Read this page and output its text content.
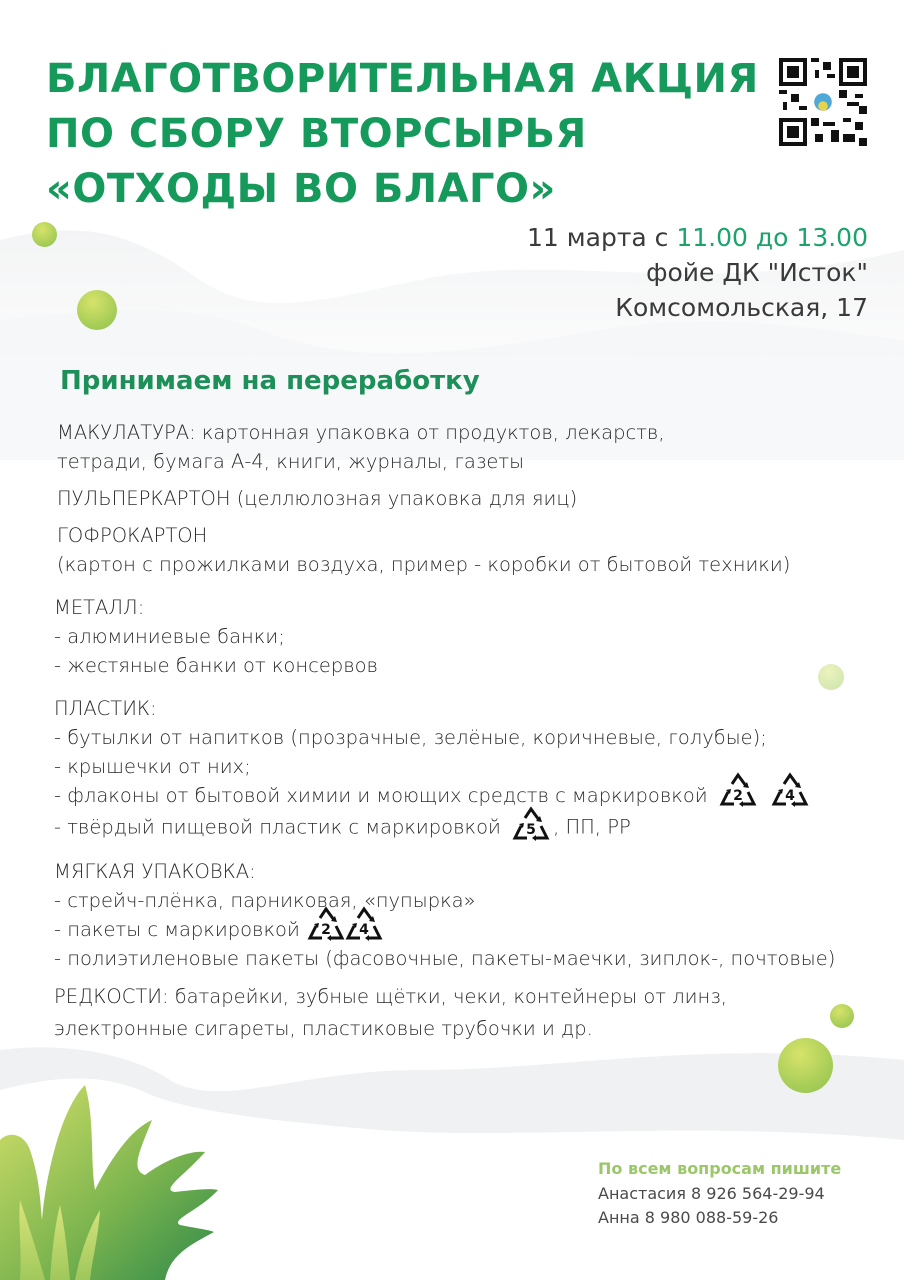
БЛАГОТВОРИТЕЛЬНАЯ АКЦИЯ
ПО СБОРУ ВТОРСЫРЬЯ
«ОТХОДЫ ВО БЛАГО»
11 марта с 11.00 до 13.00
фойе ДК "Исток"
Комсомольская, 17
Принимаем на переработку
МАКУЛАТУРА: картонная упаковка от продуктов, лекарств,
тетради, бумага А-4, книги, журналы, газеты
ПУЛЬПЕРКАРТОН (целлюлозная упаковка для яиц)
ГОФРОКАРТОН
(картон с прожилками воздуха, пример - коробки от бытовой техники)
МЕТАЛЛ:
- алюминиевые банки;
- жестяные банки от консервов
ПЛАСТИК:
- бутылки от напитков (прозрачные, зелёные, коричневые, голубые);
- крышечки от них;
- флаконы от бытовой химии и моющих средств с маркировкой 2
	4
- твёрдый пищевой пластик с маркировкой 5 , ПП, РР
МЯГКАЯ УПАКОВКА:
- стрейч-плёнка, парниковая, «пупырка»
- пакеты с маркировкой 2 4
- полиэтиленовые пакеты (фасовочные, пакеты-маечки, зиплок-, почтовые)
РЕДКОСТИ: батарейки, зубные щётки, чеки, контейнеры от линз,
электронные сигареты, пластиковые трубочки и др.
По всем вопросам пишите
Анастасия 8 926 564-29-94
Анна 8 980 088-59-26
